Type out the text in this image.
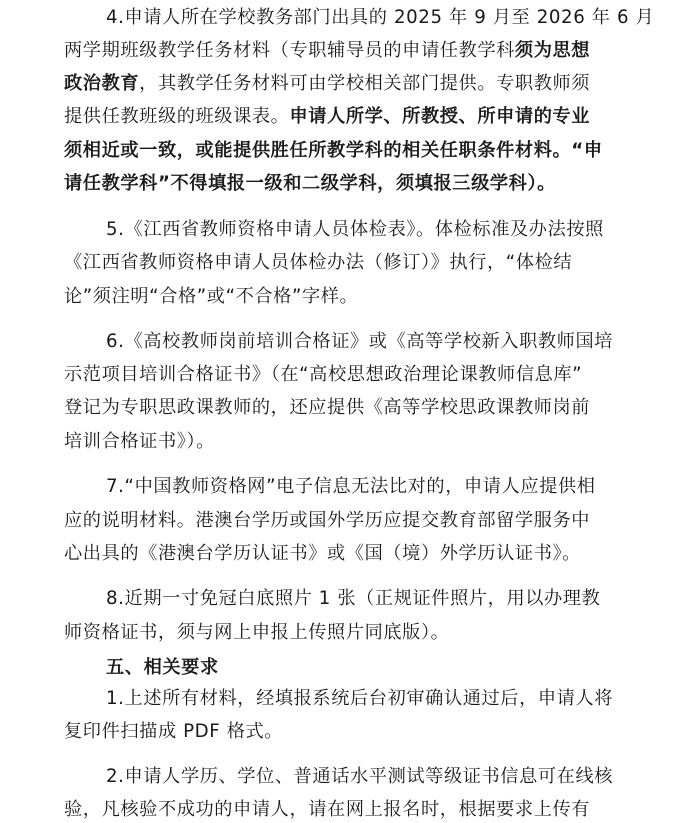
4.申请人所在学校教务部门出具的 2025 年 9 月至 2026 年 6 月
两学期班级教学任务材料（专职辅导员的申请任教学科须为思想
政治教育，其教学任务材料可由学校相关部门提供。专职教师须
提供任教班级的班级课表。申请人所学、所教授、所申请的专业
须相近或一致，或能提供胜任所教学科的相关任职条件材料。“申
请任教学科”不得填报一级和二级学科，须填报三级学科）。
5.《江西省教师资格申请人员体检表》。体检标准及办法按照
《江西省教师资格申请人员体检办法（修订）》执行，“体检结
论”须注明“合格”或“不合格”字样。
6.《高校教师岗前培训合格证》或《高等学校新入职教师国培
示范项目培训合格证书》（在“高校思想政治理论课教师信息库”
登记为专职思政课教师的，还应提供《高等学校思政课教师岗前
培训合格证书》）。
7.“中国教师资格网”电子信息无法比对的，申请人应提供相
应的说明材料。港澳台学历或国外学历应提交教育部留学服务中
心出具的《港澳台学历认证书》或《国（境）外学历认证书》。
8.近期一寸免冠白底照片 1 张（正规证件照片，用以办理教
师资格证书，须与网上申报上传照片同底版）。
五、相关要求
1.上述所有材料，经填报系统后台初审确认通过后，申请人将
复印件扫描成 PDF 格式。
2.申请人学历、学位、普通话水平测试等级证书信息可在线核
验，凡核验不成功的申请人，请在网上报名时，根据要求上传有
